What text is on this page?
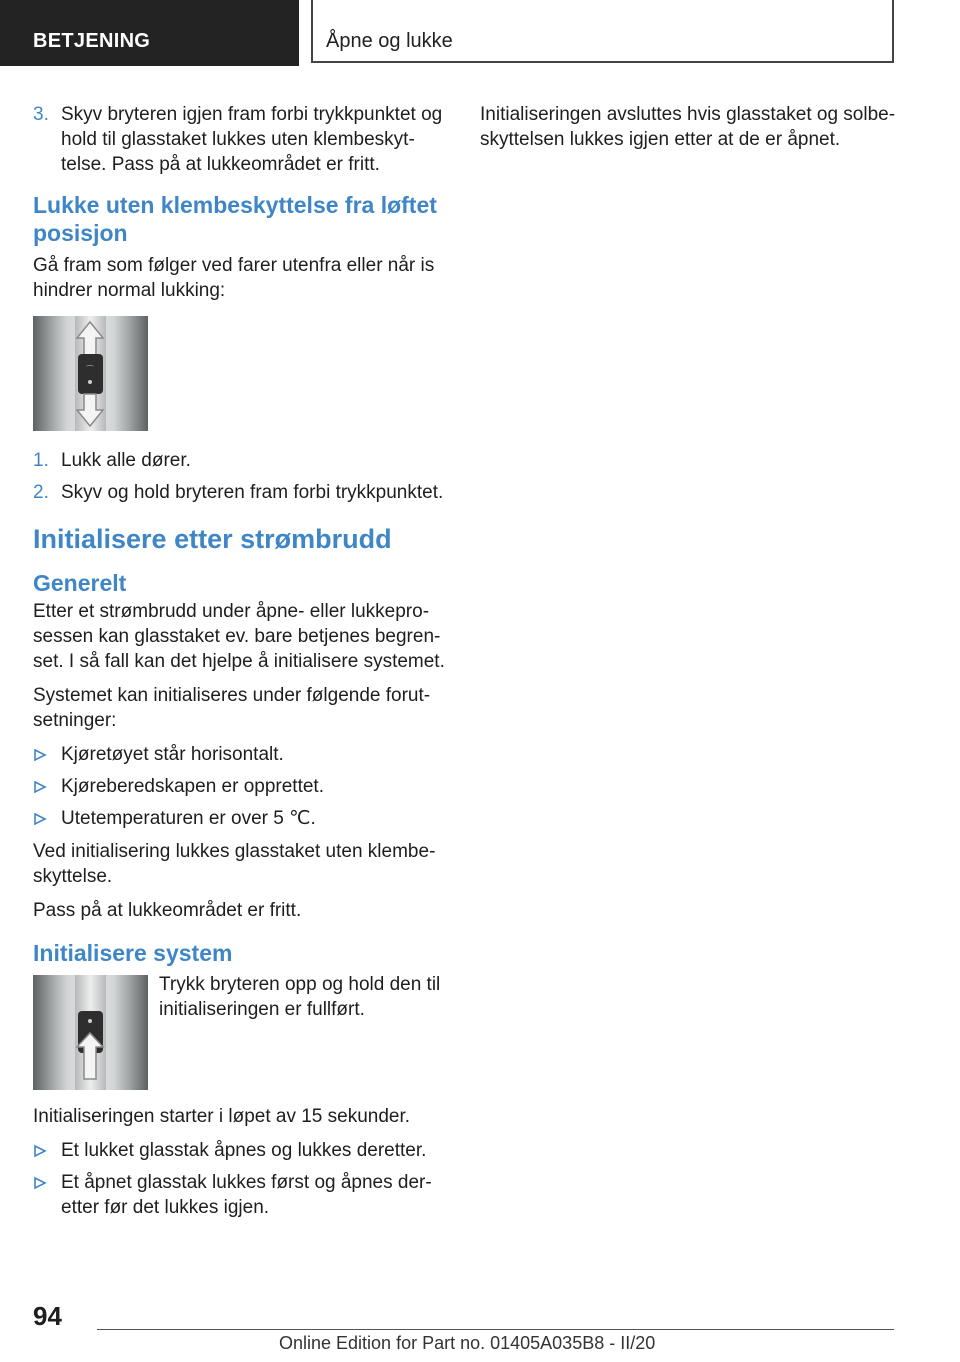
BETJENING	Åpne og lukke
3. Skyv bryteren igjen fram forbi trykkpunktet og hold til glasstaket lukkes uten klembeskyttelse. Pass på at lukkeområdet er fritt.
Lukke uten klembeskyttelse fra løftet posisjon

Gå fram som følger ved farer utenfra eller når is hindrer normal lukking:

⌒
1. Lukk alle dører.
2. Skyv og hold bryteren fram forbi trykkpunktet.
Initialisere etter strømbrudd
Generelt

Etter et strømbrudd under åpne- eller lukkeprosessen kan glasstaket ev. bare betjenes begrenset. I så fall kan det hjelpe å initialisere systemet.

Systemet kan initialiseres under følgende forutsetninger:

Kjøretøyet står horisontalt.
Kjøreberedskapen er opprettet.
Utetemperaturen er over 5 ℃.

Ved initialisering lukkes glasstaket uten klembeskyttelse.

Pass på at lukkeområdet er fritt.

Initialisere system

Trykk bryteren opp og hold den til initialiseringen er fullført.

Initialiseringen starter i løpet av 15 sekunder.

Et lukket glasstak åpnes og lukkes deretter.
Et åpnet glasstak lukkes først og åpnes deretter før det lukkes igjen.

Initialiseringen avsluttes hvis glasstaket og solbeskyttelsen lukkes igjen etter at de er åpnet.

94
Online Edition for Part no. 01405A035B8 - II/20
